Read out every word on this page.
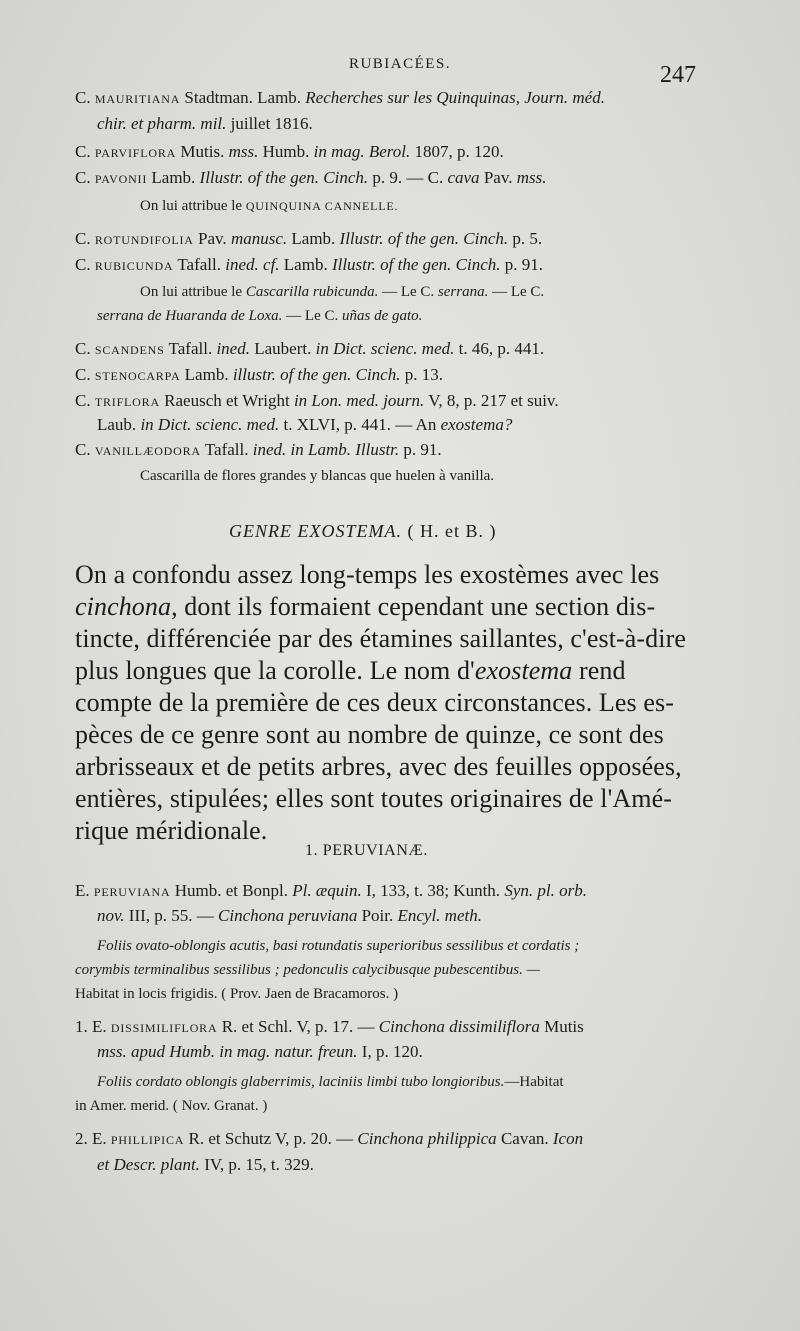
RUBIACÉES.	247
C. MAURITIANA Stadtman. Lamb. Recherches sur les Quinquinas, Journ. méd.
chir. et pharm. mil. juillet 1816.
C. PARVIFLORA Mutis. mss. Humb. in mag. Berol. 1807, p. 120.
C. PAVONII Lamb. Illustr. of the gen. Cinch. p. 9. — C. cava Pav. mss.
On lui attribue le QUINQUINA CANNELLE.
C. ROTUNDIFOLIA Pav. manusc. Lamb. Illustr. of the gen. Cinch. p. 5.
C. RUBICUNDA Tafall. ined. cf. Lamb. Illustr. of the gen. Cinch. p. 91.
On lui attribue le Cascarilla rubicunda. — Le C. serrana. — Le C.
serrana de Huaranda de Loxa. — Le C. uñas de gato.
C. SCANDENS Tafall. ined. Laubert. in Dict. scienc. med. t. 46, p. 441.
C. STENOCARPA Lamb. illustr. of the gen. Cinch. p. 13.
C. TRIFLORA Raeusch et Wright in Lon. med. journ. V, 8, p. 217 et suiv.
Laub. in Dict. scienc. med. t. XLVI, p. 441. — An exostema?
C. VANILLÆODORA Tafall. ined. in Lamb. Illustr. p. 91.
Cascarilla de flores grandes y blancas que huelen à vanilla.
GENRE EXOSTEMA. ( H. et B. )
On a confondu assez long-temps les exostèmes avec les
cinchona, dont ils formaient cependant une section dis-
tincte, différenciée par des étamines saillantes, c'est-à-dire
plus longues que la corolle. Le nom d'exostema rend
compte de la première de ces deux circonstances. Les es-
pèces de ce genre sont au nombre de quinze, ce sont des
arbrisseaux et de petits arbres, avec des feuilles opposées,
entières, stipulées; elles sont toutes originaires de l'Amé-
rique méridionale.
1. PERUVIANÆ.
E. PERUVIANA Humb. et Bonpl. Pl. æquin. I, 133, t. 38; Kunth. Syn. pl. orb.
nov. III, p. 55. — Cinchona peruviana Poir. Encyl. meth.
Foliis ovato-oblongis acutis, basi rotundatis superioribus sessilibus et cordatis ;
corymbis terminalibus sessilibus ; pedonculis calycibusque pubescentibus. —
Habitat in locis frigidis. ( Prov. Jaen de Bracamoros. )
1. E. DISSIMILIFLORA R. et Schl. V, p. 17. — Cinchona dissimiliflora Mutis
mss. apud Humb. in mag. natur. freun. I, p. 120.
Foliis cordato oblongis glaberrimis, laciniis limbi tubo longioribus.—Habitat
in Amer. merid. ( Nov. Granat. )
2. E. PHILLIPICA R. et Schutz V, p. 20. — Cinchona philippica Cavan. Icon
et Descr. plant. IV, p. 15, t. 329.
